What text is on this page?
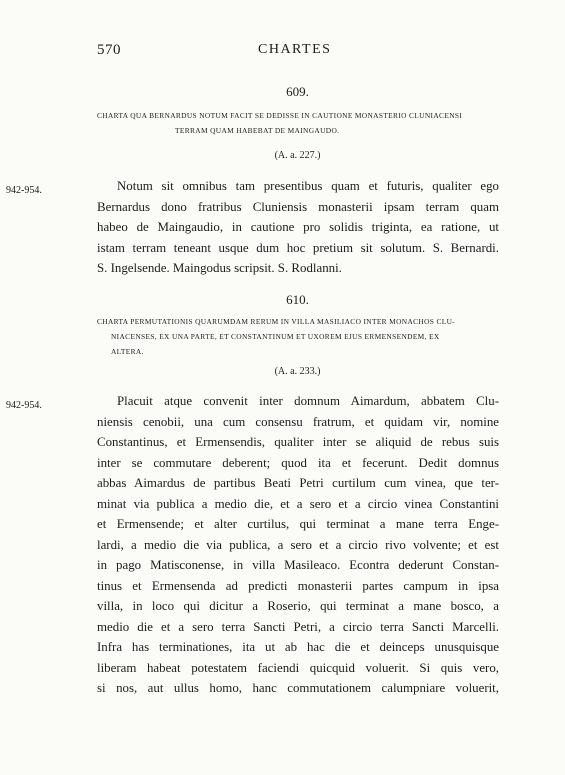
570	CHARTES
609.
CHARTA QUA BERNARDUS NOTUM FACIT SE DEDISSE IN CAUTIONE MONASTERIO CLUNIACENSI
TERRAM QUAM HABEBAT DE MAINGAUDO.
(A. a. 227.)
942-954.	Notum sit omnibus tam presentibus quam et futuris, qualiter ego
Bernardus dono fratribus Cluniensis monasterii ipsam terram quam
habeo de Maingaudio, in cautione pro solidis triginta, ea ratione, ut
istam terram teneant usque dum hoc pretium sit solutum. S. Bernardi.
S. Ingelsende. Maingodus scripsit. S. Rodlanni.
610.
CHARTA PERMUTATIONIS QUARUMDAM RERUM IN VILLA MASILIACO INTER MONACHOS CLU-
NIACENSES, EX UNA PARTE, ET CONSTANTINUM ET UXOREM EJUS ERMENSENDEM, EX
ALTERA.
(A. a. 233.)
942-954.	Placuit atque convenit inter domnum Aimardum, abbatem Clu-
niensis cenobii, una cum consensu fratrum, et quidam vir, nomine
Constantinus, et Ermensendis, qualiter inter se aliquid de rebus suis
inter se commutare deberent; quod ita et fecerunt. Dedit domnus
abbas Aimardus de partibus Beati Petri curtilum cum vinea, que ter-
minat via publica a medio die, et a sero et a circio vinea Constantini
et Ermensende; et alter curtilus, qui terminat a mane terra Enge-
lardi, a medio die via publica, a sero et a circio rivo volvente; et est
in pago Matisconense, in villa Masileaco. Econtra dederunt Constan-
tinus et Ermensenda ad predicti monasterii partes campum in ipsa
villa, in loco qui dicitur a Roserio, qui terminat a mane bosco, a
medio die et a sero terra Sancti Petri, a circio terra Sancti Marcelli.
Infra has terminationes, ita ut ab hac die et deinceps unusquisque
liberam habeat potestatem faciendi quicquid voluerit. Si quis vero,
si nos, aut ullus homo, hanc commutationem calumpniare voluerit,
